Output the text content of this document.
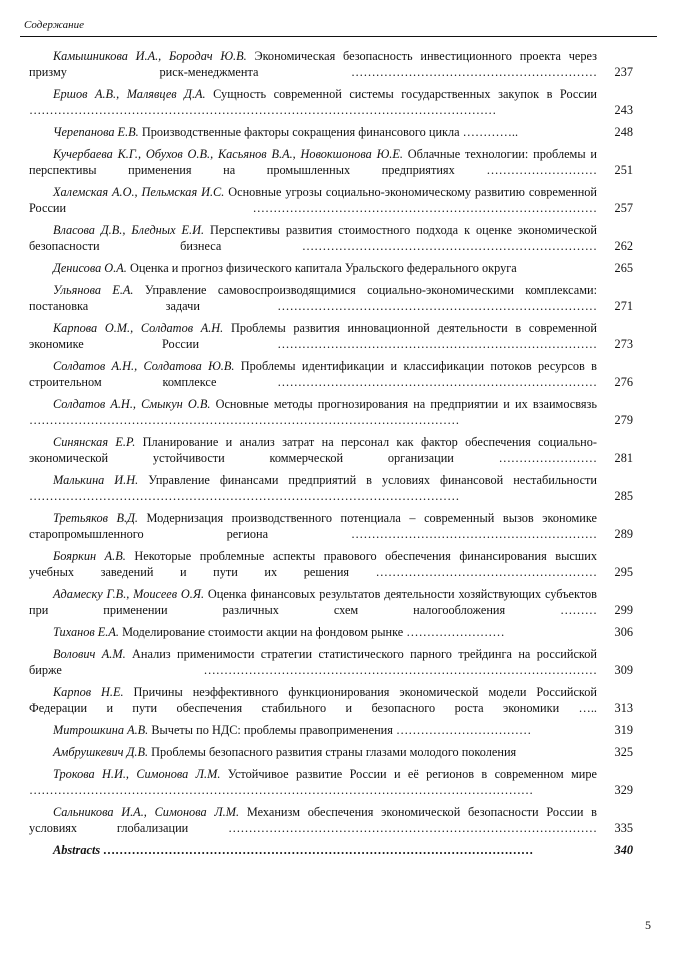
Содержание
Камышникова И.А., Бородач Ю.В. Экономическая безопасность инвестиционного проекта через призму риск-менеджмента ……………………………………………………	237
Ершов А.В., Малявцев Д.А. Сущность современной системы государственных закупок в России ……………………………………………………………………………………………………	243
Черепанова Е.В. Производственные факторы сокращения финансового цикла …………..	248
Кучербаева К.Г., Обухов О.В., Касьянов В.А., Новокшонова Ю.Е. Облачные технологии: проблемы и перспективы применения на промышленных предприятиях ………………………	251
Халемская А.О., Пельмская И.С. Основные угрозы социально-экономическому развитию современной России …………………………………………………………………………	257
Власова Д.В., Бледных Е.И. Перспективы развития стоимостного подхода к оценке экономической безопасности бизнеса ………………………………………………………………	262
Денисова О.А. Оценка и прогноз физического капитала Уральского федерального округа	265
Ульянова Е.А. Управление самовоспроизводящимися социально-экономическими комплексами: постановка задачи ……………………………………………………………………	271
Карпова О.М., Солдатов А.Н. Проблемы развития инновационной деятельности в современной экономике России ……………………………………………………………………	273
Солдатов А.Н., Солдатова Ю.В. Проблемы идентификации и классификации потоков ресурсов в строительном комплексе ……………………………………………………………………	276
Солдатов А.Н., Смыкун О.В. Основные методы прогнозирования на предприятии и их взаимосвязь ……………………………………………………………………………………………	279
Синянская Е.Р. Планирование и анализ затрат на персонал как фактор обеспечения социально-экономической устойчивости коммерческой организации ……………………	281
Малькина И.Н. Управление финансами предприятий в условиях финансовой нестабильности ……………………………………………………………………………………………	285
Третьяков В.Д. Модернизация производственного потенциала – современный вызов экономике старопромышленного региона ……………………………………………………	289
Бояркин А.В. Некоторые проблемные аспекты правового обеспечения финансирования высших учебных заведений и пути их решения ………………………………………………	295
Адамеску Г.В., Моисеев О.Я. Оценка финансовых результатов деятельности хозяйствующих субъектов при применении различных схем налогообложения ………	299
Тиханов Е.А. Моделирование стоимости акции на фондовом рынке ……………………	306
Волович А.М. Анализ применимости стратегии статистического парного трейдинга на российской бирже ……………………………………………………………………………………	309
Карпов Н.Е. Причины неэффективного функционирования экономической модели Российской Федерации и пути обеспечения стабильного и безопасного роста экономики …..	313
Митрошкина А.В. Вычеты по НДС: проблемы правоприменения ……………………………	319
Амбрушкевич Д.В. Проблемы безопасного развития страны глазами молодого поколения	325
Трокова Н.И., Симонова Л.М. Устойчивое развитие России и её регионов в современном мире ……………………………………………………………………………………………………………	329
Сальникова И.А., Симонова Л.М. Механизм обеспечения экономической безопасности России в условиях глобализации ………………………………………………………………………………	335
Abstracts ……………………………………………………………………………………………	340
5
